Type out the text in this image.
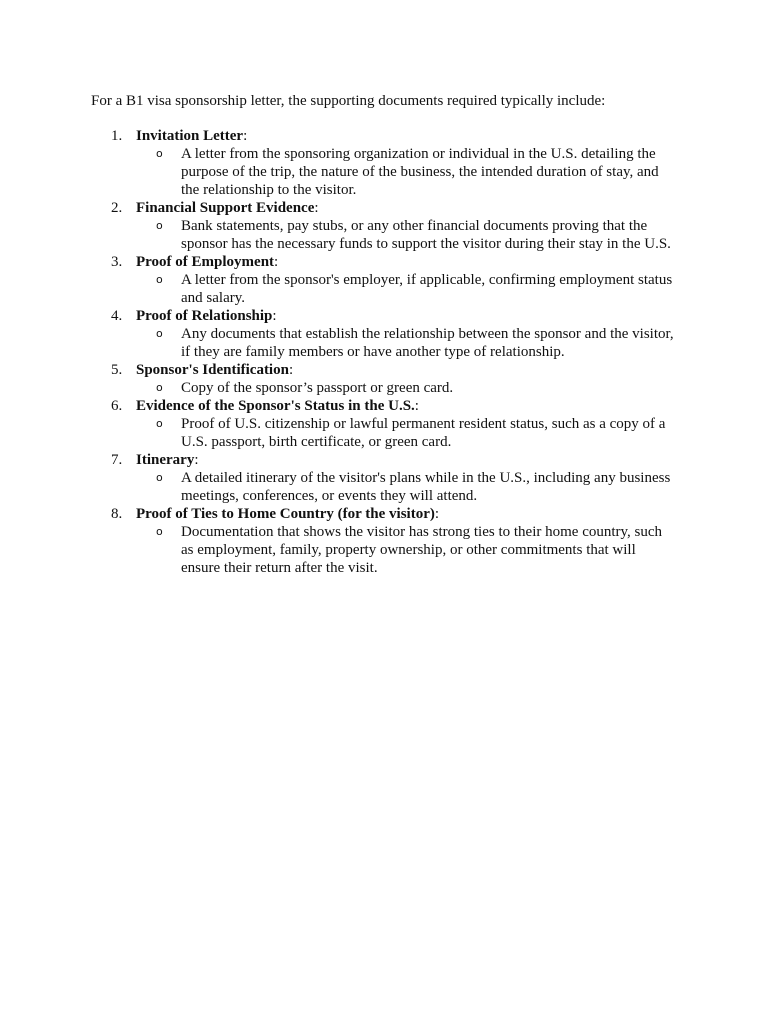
For a B1 visa sponsorship letter, the supporting documents required typically include:

1. Invitation Letter:
o A letter from the sponsoring organization or individual in the U.S. detailing the
purpose of the trip, the nature of the business, the intended duration of stay, and
the relationship to the visitor.
2. Financial Support Evidence:
o Bank statements, pay stubs, or any other financial documents proving that the
sponsor has the necessary funds to support the visitor during their stay in the U.S.
3. Proof of Employment:
o A letter from the sponsor's employer, if applicable, confirming employment status
and salary.
4. Proof of Relationship:
o Any documents that establish the relationship between the sponsor and the visitor,
if they are family members or have another type of relationship.
5. Sponsor's Identification:
o Copy of the sponsor’s passport or green card.
6. Evidence of the Sponsor's Status in the U.S.:
o Proof of U.S. citizenship or lawful permanent resident status, such as a copy of a
U.S. passport, birth certificate, or green card.
7. Itinerary:
o A detailed itinerary of the visitor's plans while in the U.S., including any business
meetings, conferences, or events they will attend.
8. Proof of Ties to Home Country (for the visitor):
o Documentation that shows the visitor has strong ties to their home country, such
as employment, family, property ownership, or other commitments that will
ensure their return after the visit.
